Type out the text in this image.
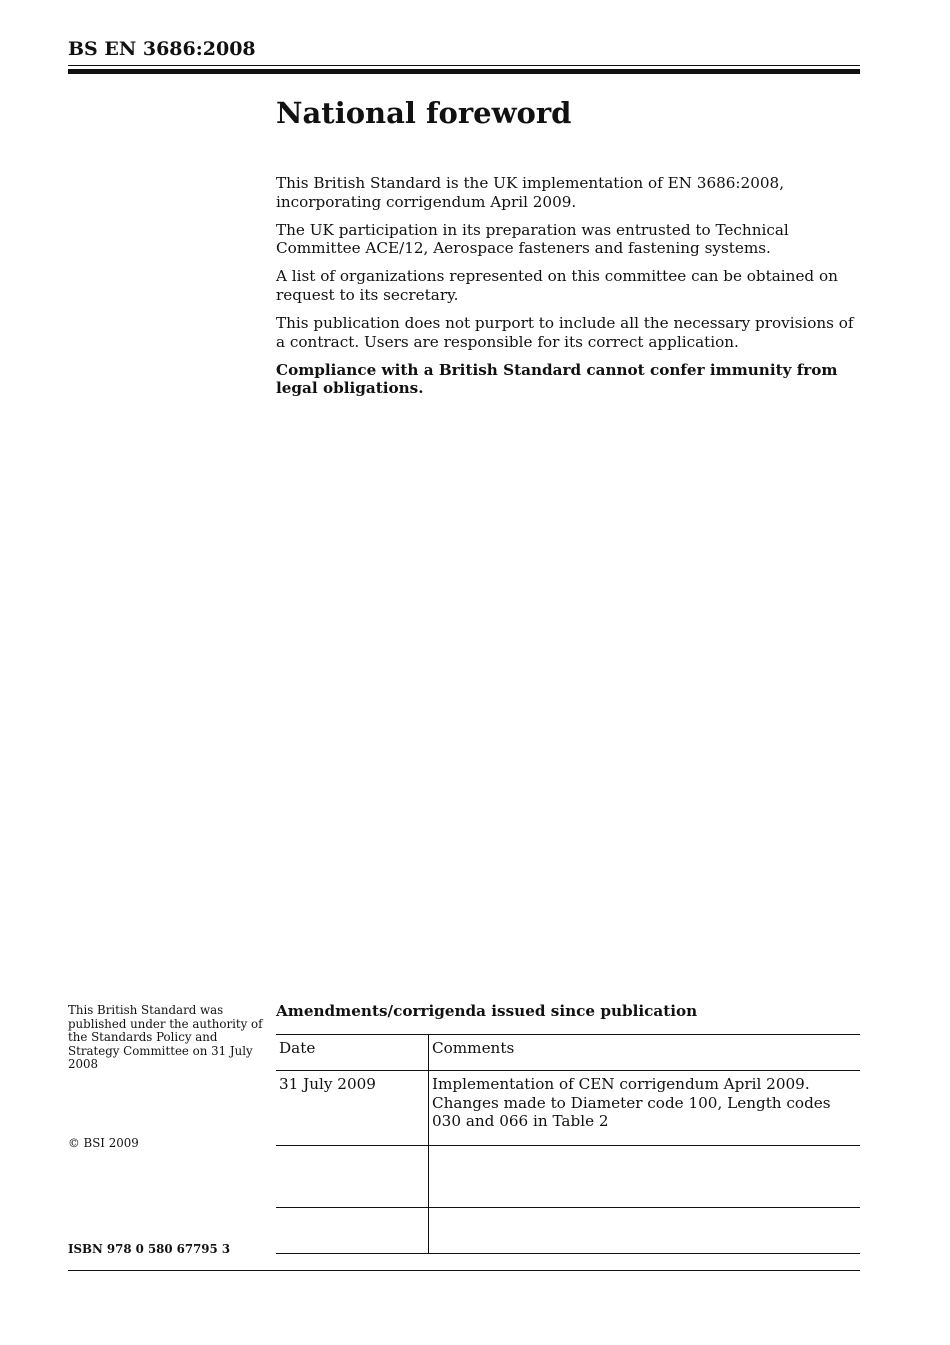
BS EN 3686:2008
National foreword

This British Standard is the UK implementation of EN 3686:2008, incorporating corrigendum April 2009.

The UK participation in its preparation was entrusted to Technical Committee ACE/12, Aerospace fasteners and fastening systems.

A list of organizations represented on this committee can be obtained on request to its secretary.

This publication does not purport to include all the necessary provisions of a contract. Users are responsible for its correct application.

Compliance with a British Standard cannot confer immunity from legal obligations.

This British Standard was published under the authority of the Standards Policy and Strategy Committee on 31 July 2008
© BSI 2009
ISBN 978 0 580 67795 3
Amendments/corrigenda issued since publication
Date	Comments
31 July 2009	Implementation of CEN corrigendum April 2009. Changes made to Diameter code 100, Length codes 030 and 066 in Table 2
